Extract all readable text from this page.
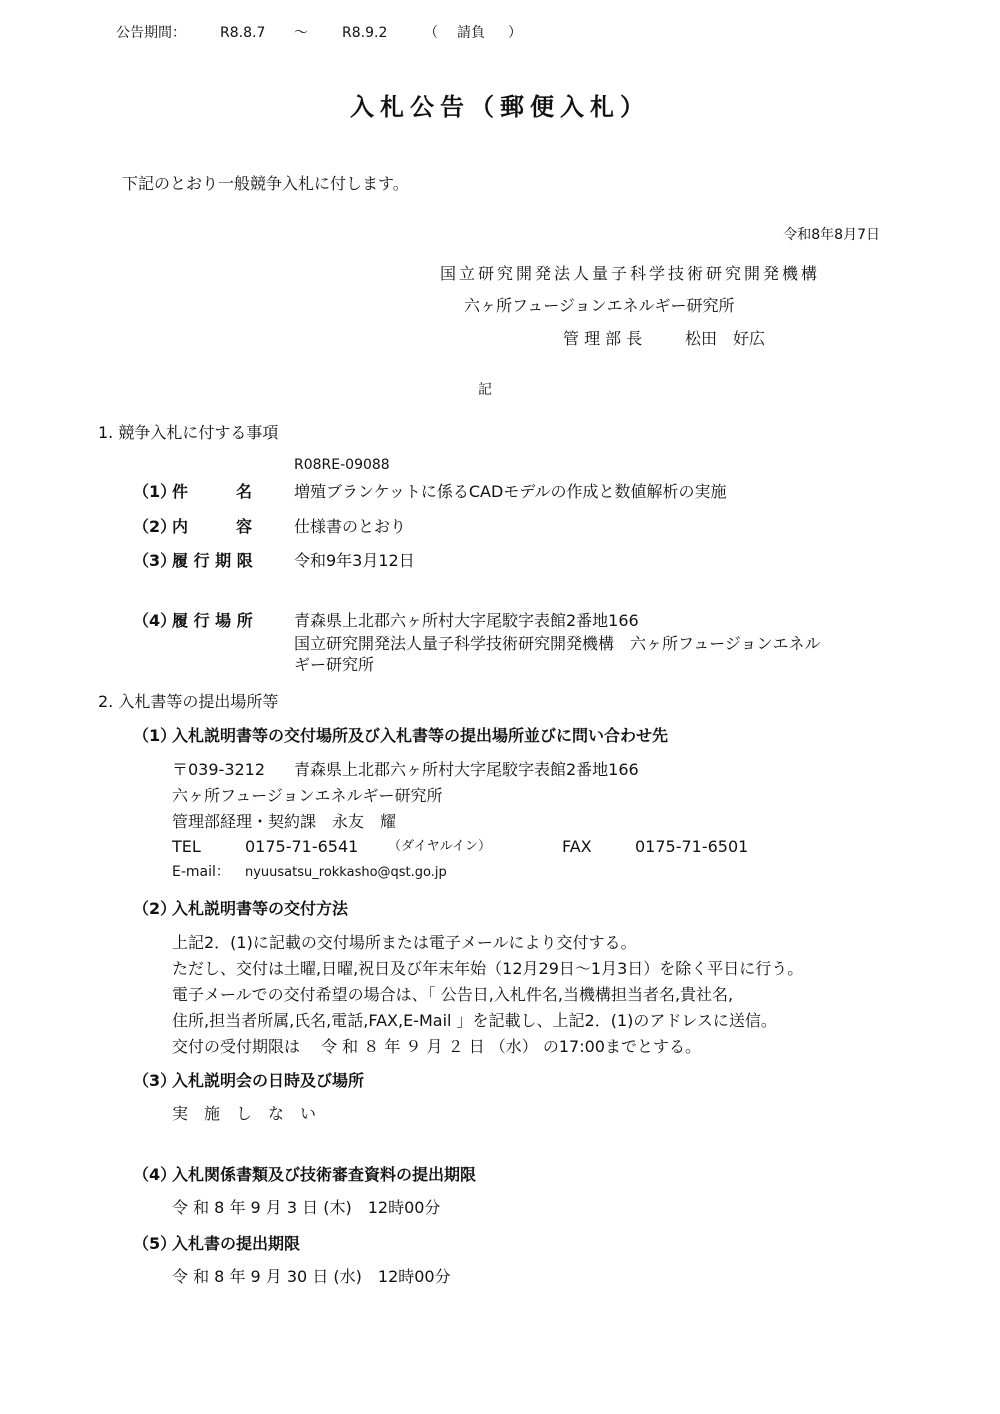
公告期間： R8.8.7 ～ R8.9.2	（ 請負 ）
入札公告（郵便入札）
下記のとおり一般競争入札に付します。
令和8年8月7日
国立研究開発法人量子科学技術研究開発機構
六ヶ所フュージョンエネルギー研究所
管 理 部 長	松田　好広
記
1. 競争入札に付する事項
R08RE-09088
（1）
件　　　名	増殖ブランケットに係るCADモデルの作成と数値解析の実施
（2）
内　　　容	仕様書のとおり
（3）
履 行 期 限	令和9年3月12日
（4）
履 行 場 所	青森県上北郡六ヶ所村大字尾駮字表館2番地166
国立研究開発法人量子科学技術研究開発機構　六ヶ所フュージョンエネル
ギー研究所
2. 入札書等の提出場所等
（1）
入札説明書等の交付場所及び入札書等の提出場所並びに問い合わせ先
〒039-3212 青森県上北郡六ヶ所村大字尾駮字表館2番地166
六ヶ所フュージョンエネルギー研究所
管理部経理・契約課　永友　耀
TEL	0175-71-6541 （ダイヤルイン）	FAX	0175-71-6501
E-mail： nyuusatsu_rokkasho@qst.go.jp
（2）
入札説明書等の交付方法
上記2．(1)に記載の交付場所または電子メールにより交付する。
ただし、交付は土曜,日曜,祝日及び年末年始（12月29日～1月3日）を除く平日に行う。
電子メールでの交付希望の場合は、「 公告日,入札件名,当機構担当者名,貴社名,
住所,担当者所属,氏名,電話,FAX,E-Mail 」を記載し、上記2．(1)のアドレスに送信。
交付の受付期限は　 令 和 ８ 年 ９ 月 ２ 日 （水） の17:00までとする。
（3）
入札説明会の日時及び場所
実　施　し　な　い
（4）
入札関係書類及び技術審査資料の提出期限
令 和 8 年 9 月 3 日 (木)　12時00分
（5）
入札書の提出期限
令 和 8 年 9 月 30 日 (水)　12時00分
